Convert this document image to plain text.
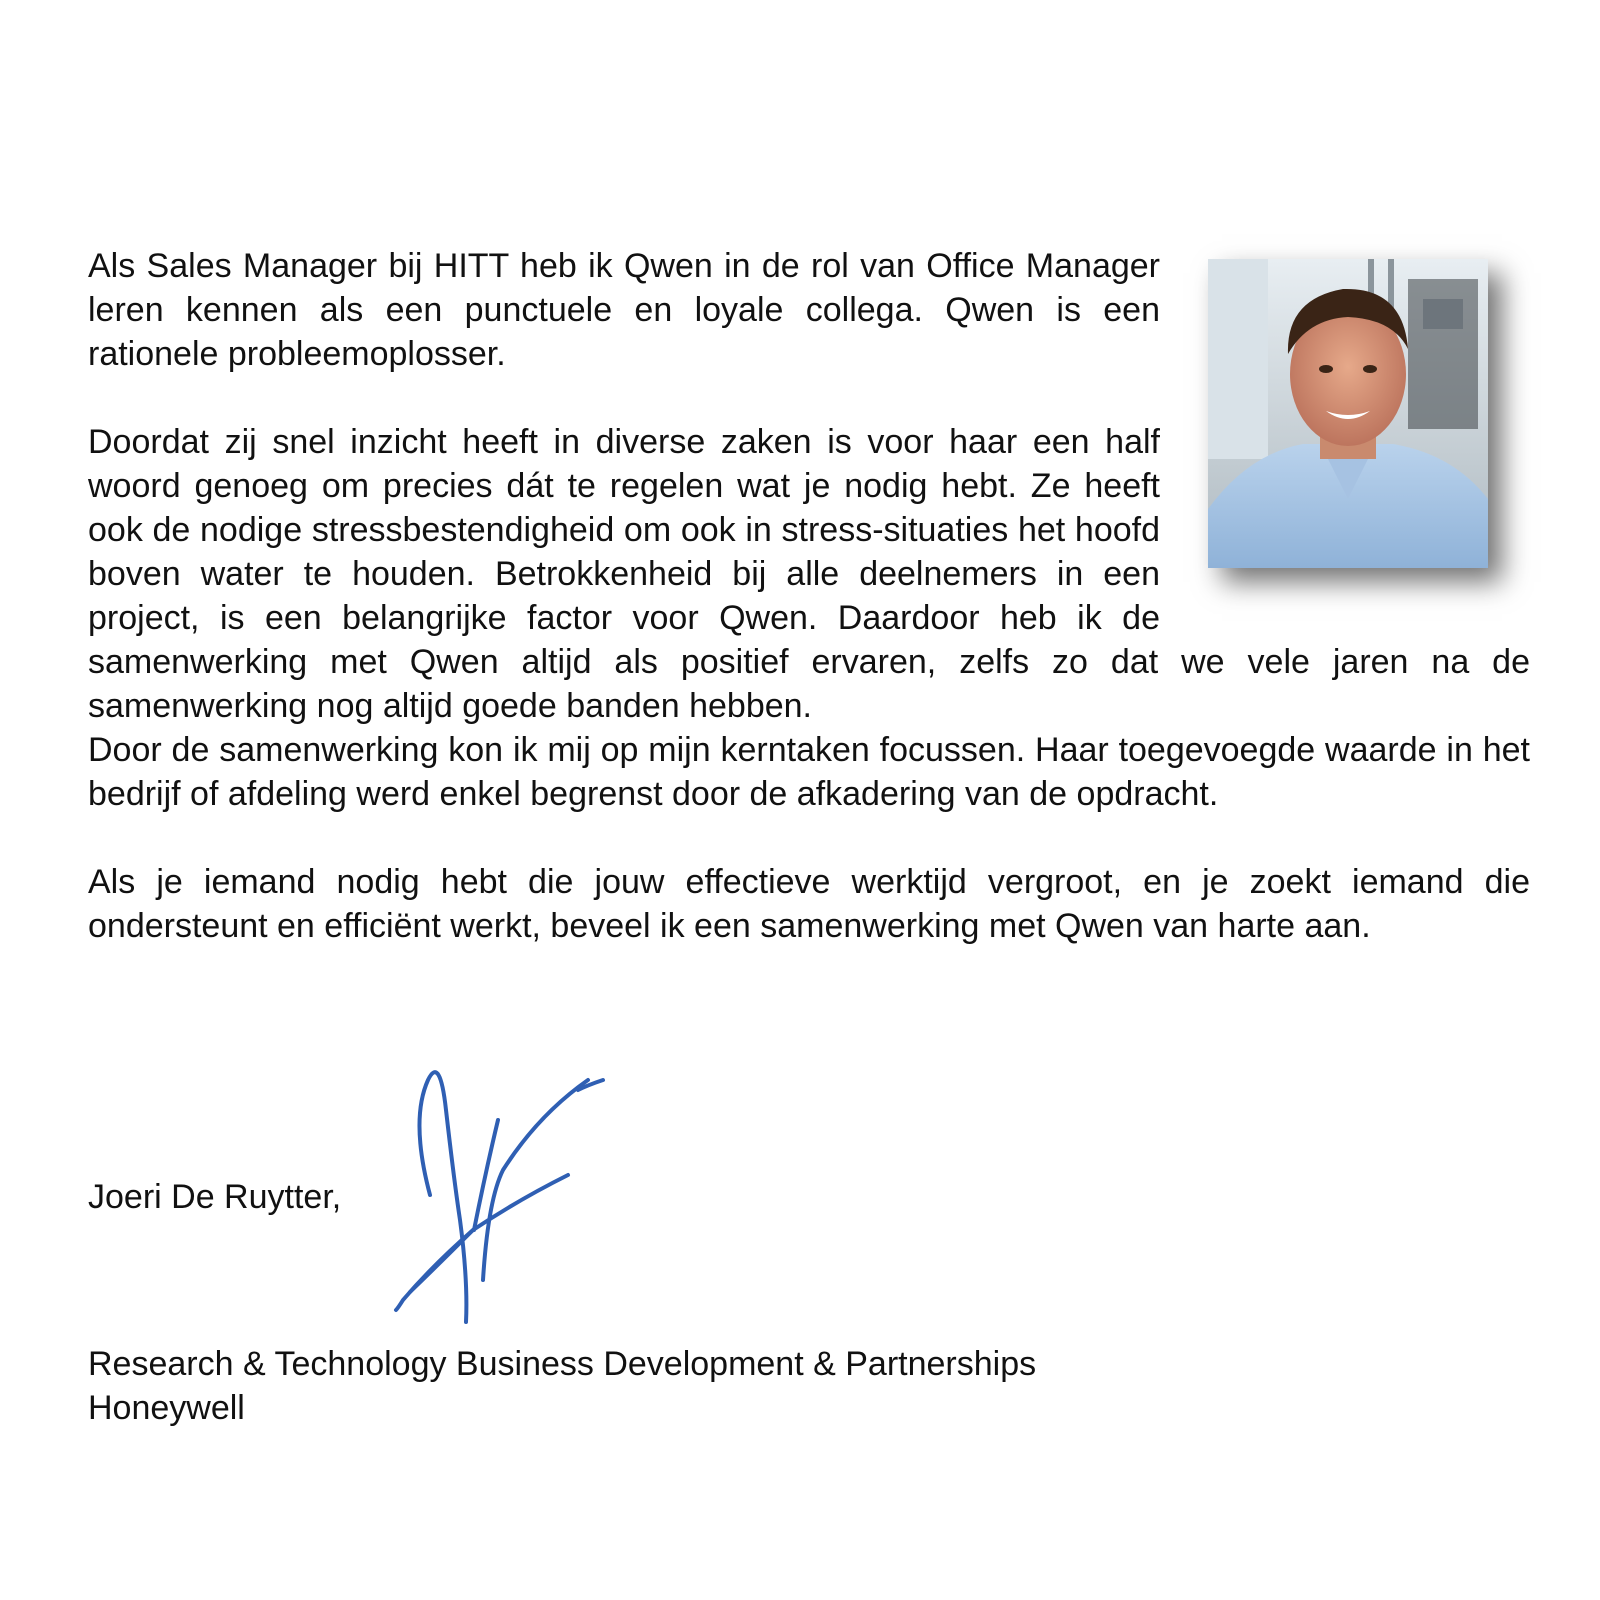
Als Sales Manager bij HITT heb ik Qwen in de rol van Office Manager leren kennen als een punctuele en loyale collega. Qwen is een rationele probleemoplosser.

Doordat zij snel inzicht heeft in diverse zaken is voor haar een half woord genoeg om precies dát te regelen wat je nodig hebt. Ze heeft ook de nodige stressbestendigheid om ook in stress-situaties het hoofd boven water te houden. Betrokkenheid bij alle deelnemers in een project, is een belangrijke factor voor Qwen. Daardoor heb ik de samenwerking met Qwen altijd als positief ervaren, zelfs zo dat we vele jaren na de samenwerking nog altijd goede banden hebben.

Door de samenwerking kon ik mij op mijn kerntaken focussen. Haar toegevoegde waarde in het bedrijf of afdeling werd enkel begrenst door de afkadering van de opdracht.

Als je iemand nodig hebt die jouw effectieve werktijd vergroot, en je zoekt iemand die ondersteunt en efficiënt werkt, beveel ik een samenwerking met Qwen van harte aan.

Joeri De Ruytter,
Research & Technology Business Development & Partnerships
Honeywell
